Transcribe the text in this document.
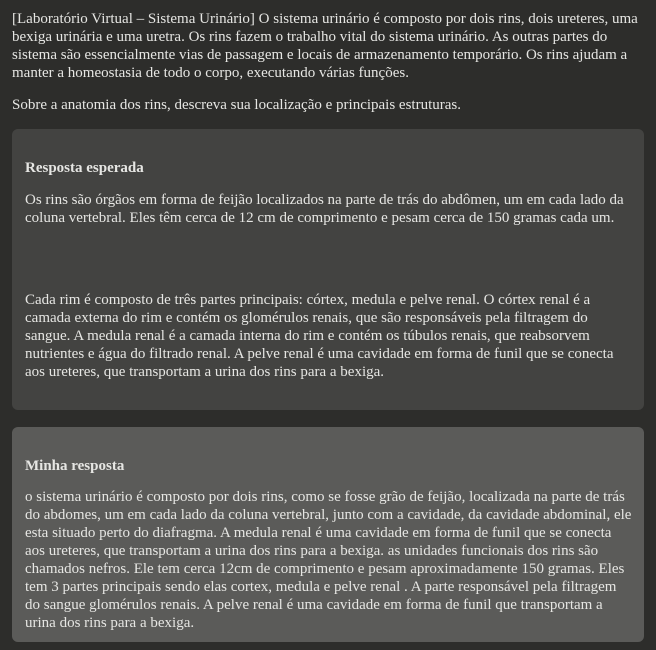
[Laboratório Virtual – Sistema Urinário] O sistema urinário é composto por dois rins, dois ureteres, uma bexiga urinária e uma uretra. Os rins fazem o trabalho vital do sistema urinário. As outras partes do sistema são essencialmente vias de passagem e locais de armazenamento temporário. Os rins ajudam a manter a homeostasia de todo o corpo, executando várias funções.

Sobre a anatomia dos rins, descreva sua localização e principais estruturas.

Resposta esperada

Os rins são órgãos em forma de feijão localizados na parte de trás do abdômen, um em cada lado da coluna vertebral. Eles têm cerca de 12 cm de comprimento e pesam cerca de 150 gramas cada um.

Cada rim é composto de três partes principais: córtex, medula e pelve renal. O córtex renal é a camada externa do rim e contém os glomérulos renais, que são responsáveis pela filtragem do sangue. A medula renal é a camada interna do rim e contém os túbulos renais, que reabsorvem nutrientes e água do filtrado renal. A pelve renal é uma cavidade em forma de funil que se conecta aos ureteres, que transportam a urina dos rins para a bexiga.

Minha resposta

o sistema urinário é composto por dois rins, como se fosse grão de feijão, localizada na parte de trás do abdomes, um em cada lado da coluna vertebral, junto com a cavidade, da cavidade abdominal, ele esta situado perto do diafragma. A medula renal é uma cavidade em forma de funil que se conecta aos ureteres, que transportam a urina dos rins para a bexiga. as unidades funcionais dos rins são chamados nefros. Ele tem cerca 12cm de comprimento e pesam aproximadamente 150 gramas. Eles tem 3 partes principais sendo elas cortex, medula e pelve renal . A parte responsável pela filtragem do sangue glomérulos renais. A pelve renal é uma cavidade em forma de funil que transportam a urina dos rins para a bexiga.
